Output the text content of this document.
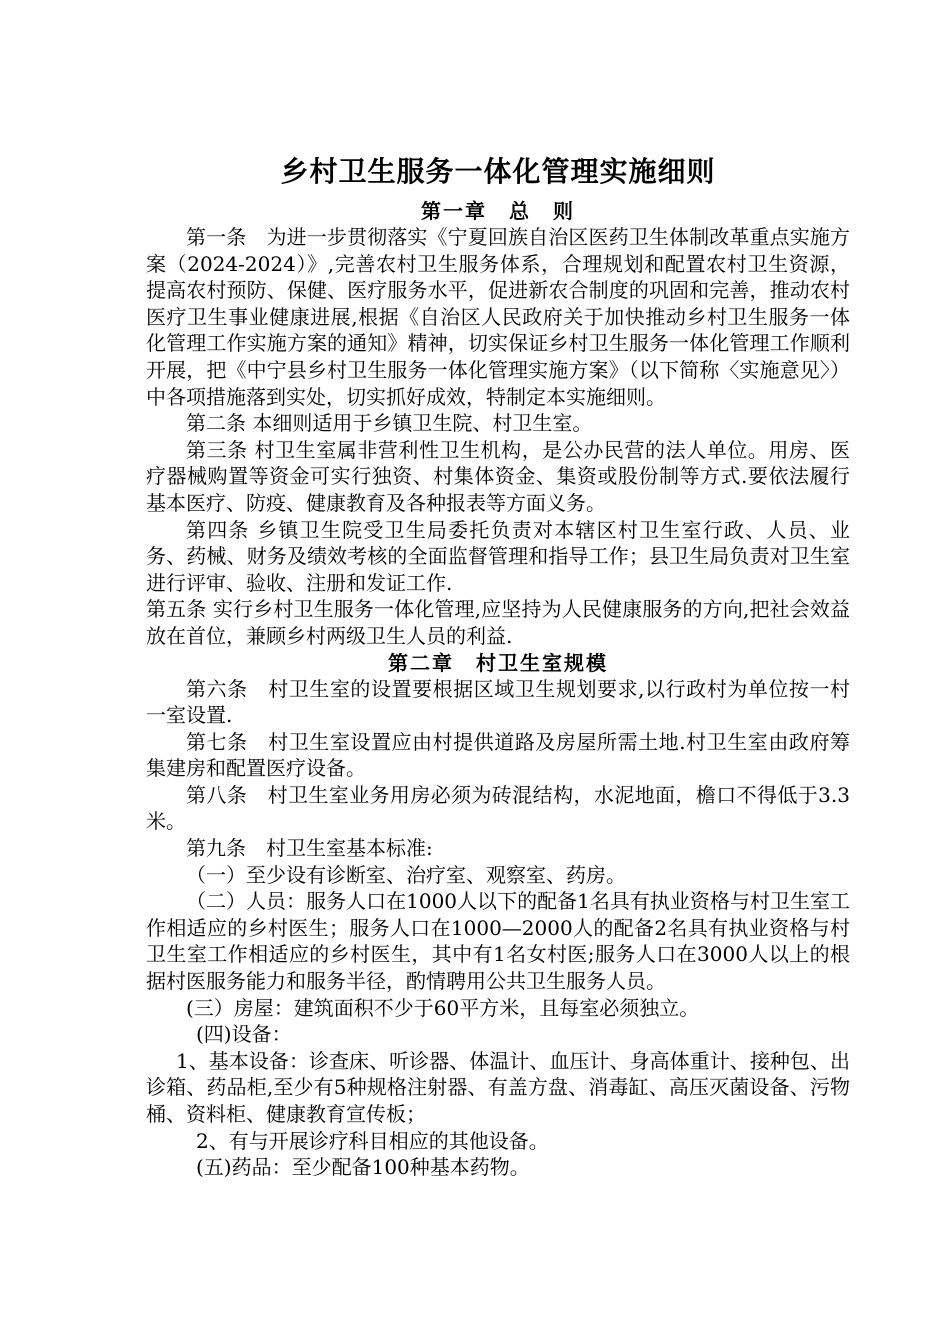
乡村卫生服务一体化管理实施细则
第一章　总　则

第一条　为进一步贯彻落实《宁夏回族自治区医药卫生体制改革重点实施方案（2024-2024）》,完善农村卫生服务体系，合理规划和配置农村卫生资源，提高农村预防、保健、医疗服务水平，促进新农合制度的巩固和完善，推动农村医疗卫生事业健康进展,根据《自治区人民政府关于加快推动乡村卫生服务一体化管理工作实施方案的通知》精神，切实保证乡村卫生服务一体化管理工作顺利开展，把《中宁县乡村卫生服务一体化管理实施方案》（以下简称〈实施意见〉）中各项措施落到实处，切实抓好成效，特制定本实施细则。

第二条 本细则适用于乡镇卫生院、村卫生室。

第三条 村卫生室属非营利性卫生机构，是公办民营的法人单位。用房、医疗器械购置等资金可实行独资、村集体资金、集资或股份制等方式.要依法履行基本医疗、防疫、健康教育及各种报表等方面义务。

第四条 乡镇卫生院受卫生局委托负责对本辖区村卫生室行政、人员、业务、药械、财务及绩效考核的全面监督管理和指导工作；县卫生局负责对卫生室进行评审、验收、注册和发证工作.

第五条 实行乡村卫生服务一体化管理,应坚持为人民健康服务的方向,把社会效益放在首位，兼顾乡村两级卫生人员的利益.

第二章　村卫生室规模

第六条　村卫生室的设置要根据区域卫生规划要求,以行政村为单位按一村一室设置.

第七条　村卫生室设置应由村提供道路及房屋所需土地.村卫生室由政府筹集建房和配置医疗设备。

第八条　村卫生室业务用房必须为砖混结构，水泥地面，檐口不得低于3.3米。

第九条　村卫生室基本标准:

（一）至少设有诊断室、治疗室、观察室、药房。

（二）人员：服务人口在1000人以下的配备1名具有执业资格与村卫生室工作相适应的乡村医生；服务人口在1000—2000人的配备2名具有执业资格与村卫生室工作相适应的乡村医生，其中有1名女村医;服务人口在3000人以上的根据村医服务能力和服务半径，酌情聘用公共卫生服务人员。

(三）房屋：建筑面积不少于60平方米，且每室必须独立。

(四)设备：

1、基本设备：诊查床、听诊器、体温计、血压计、身高体重计、接种包、出诊箱、药品柜,至少有5种规格注射器、有盖方盘、消毒缸、高压灭菌设备、污物桶、资料柜、健康教育宣传板；

2、有与开展诊疗科目相应的其他设备。

(五)药品：至少配备100种基本药物。
